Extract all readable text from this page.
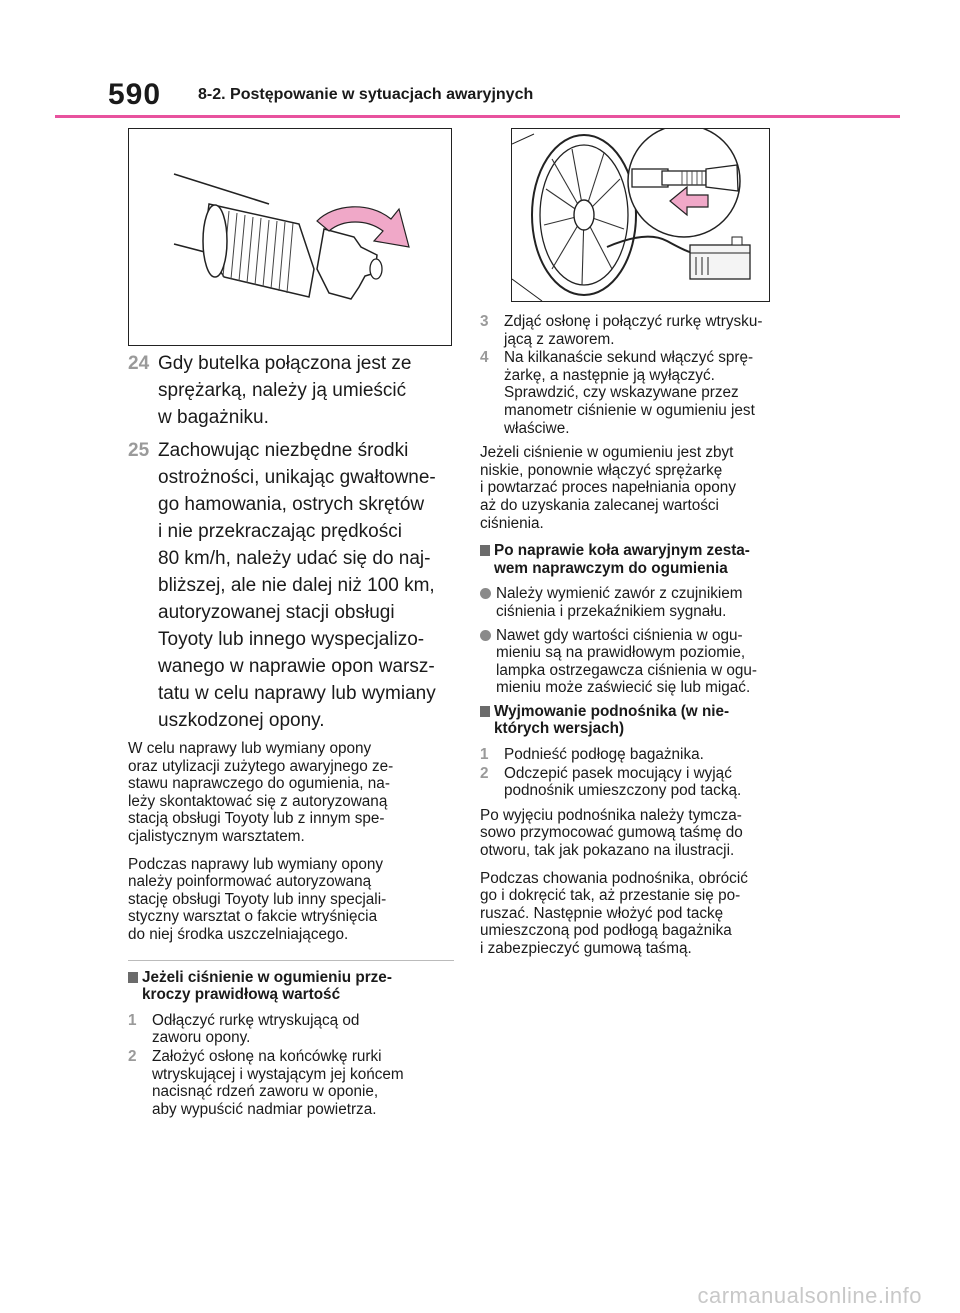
590 8-2. Postępowanie w sytuacjach awaryjnych
24 Gdy butelka połączona jest ze
sprężarką, należy ją umieścić
w bagażniku.
25 Zachowując niezbędne środki
ostrożności, unikając gwałtowne-
go hamowania, ostrych skrętów
i nie przekraczając prędkości
80 km/h, należy udać się do naj-
bliższej, ale nie dalej niż 100 km,
autoryzowanej stacji obsługi
Toyoty lub innego wyspecjalizo-
wanego w naprawie opon warsz-
tatu w celu naprawy lub wymiany
uszkodzonej opony.
W celu naprawy lub wymiany opony
oraz utylizacji zużytego awaryjnego ze-
stawu naprawczego do ogumienia, na-
leży skontaktować się z autoryzowaną
stacją obsługi Toyoty lub z innym spe-
cjalistycznym warsztatem.
Podczas naprawy lub wymiany opony
należy poinformować autoryzowaną
stację obsługi Toyoty lub inny specjali-
styczny warsztat o fakcie wtryśnięcia
do niej środka uszczelniającego.
Jeżeli ciśnienie w ogumieniu prze-
kroczy prawidłową wartość
1 Odłączyć rurkę wtryskującą od
zaworu opony.
2 Założyć osłonę na końcówkę rurki
wtryskującej i wystającym jej końcem
nacisnąć rdzeń zaworu w oponie,
aby wypuścić nadmiar powietrza.
3 Zdjąć osłonę i połączyć rurkę wtrysku-
jącą z zaworem.
4 Na kilkanaście sekund włączyć sprę-
żarkę, a następnie ją wyłączyć.
Sprawdzić, czy wskazywane przez
manometr ciśnienie w ogumieniu jest
właściwe.
Jeżeli ciśnienie w ogumieniu jest zbyt
niskie, ponownie włączyć sprężarkę
i powtarzać proces napełniania opony
aż do uzyskania zalecanej wartości
ciśnienia.
Po naprawie koła awaryjnym zesta-
wem naprawczym do ogumienia
Należy wymienić zawór z czujnikiem
ciśnienia i przekaźnikiem sygnału.
Nawet gdy wartości ciśnienia w ogu-
mieniu są na prawidłowym poziomie,
lampka ostrzegawcza ciśnienia w ogu-
mieniu może zaświecić się lub migać.
Wyjmowanie podnośnika (w nie-
których wersjach)
1 Podnieść podłogę bagażnika.
2 Odczepić pasek mocujący i wyjąć
podnośnik umieszczony pod tacką.
Po wyjęciu podnośnika należy tymcza-
sowo przymocować gumową taśmę do
otworu, tak jak pokazano na ilustracji.
Podczas chowania podnośnika, obrócić
go i dokręcić tak, aż przestanie się po-
ruszać. Następnie włożyć pod tackę
umieszczoną pod podłogą bagażnika
i zabezpieczyć gumową taśmą.
carmanualsonline.info
